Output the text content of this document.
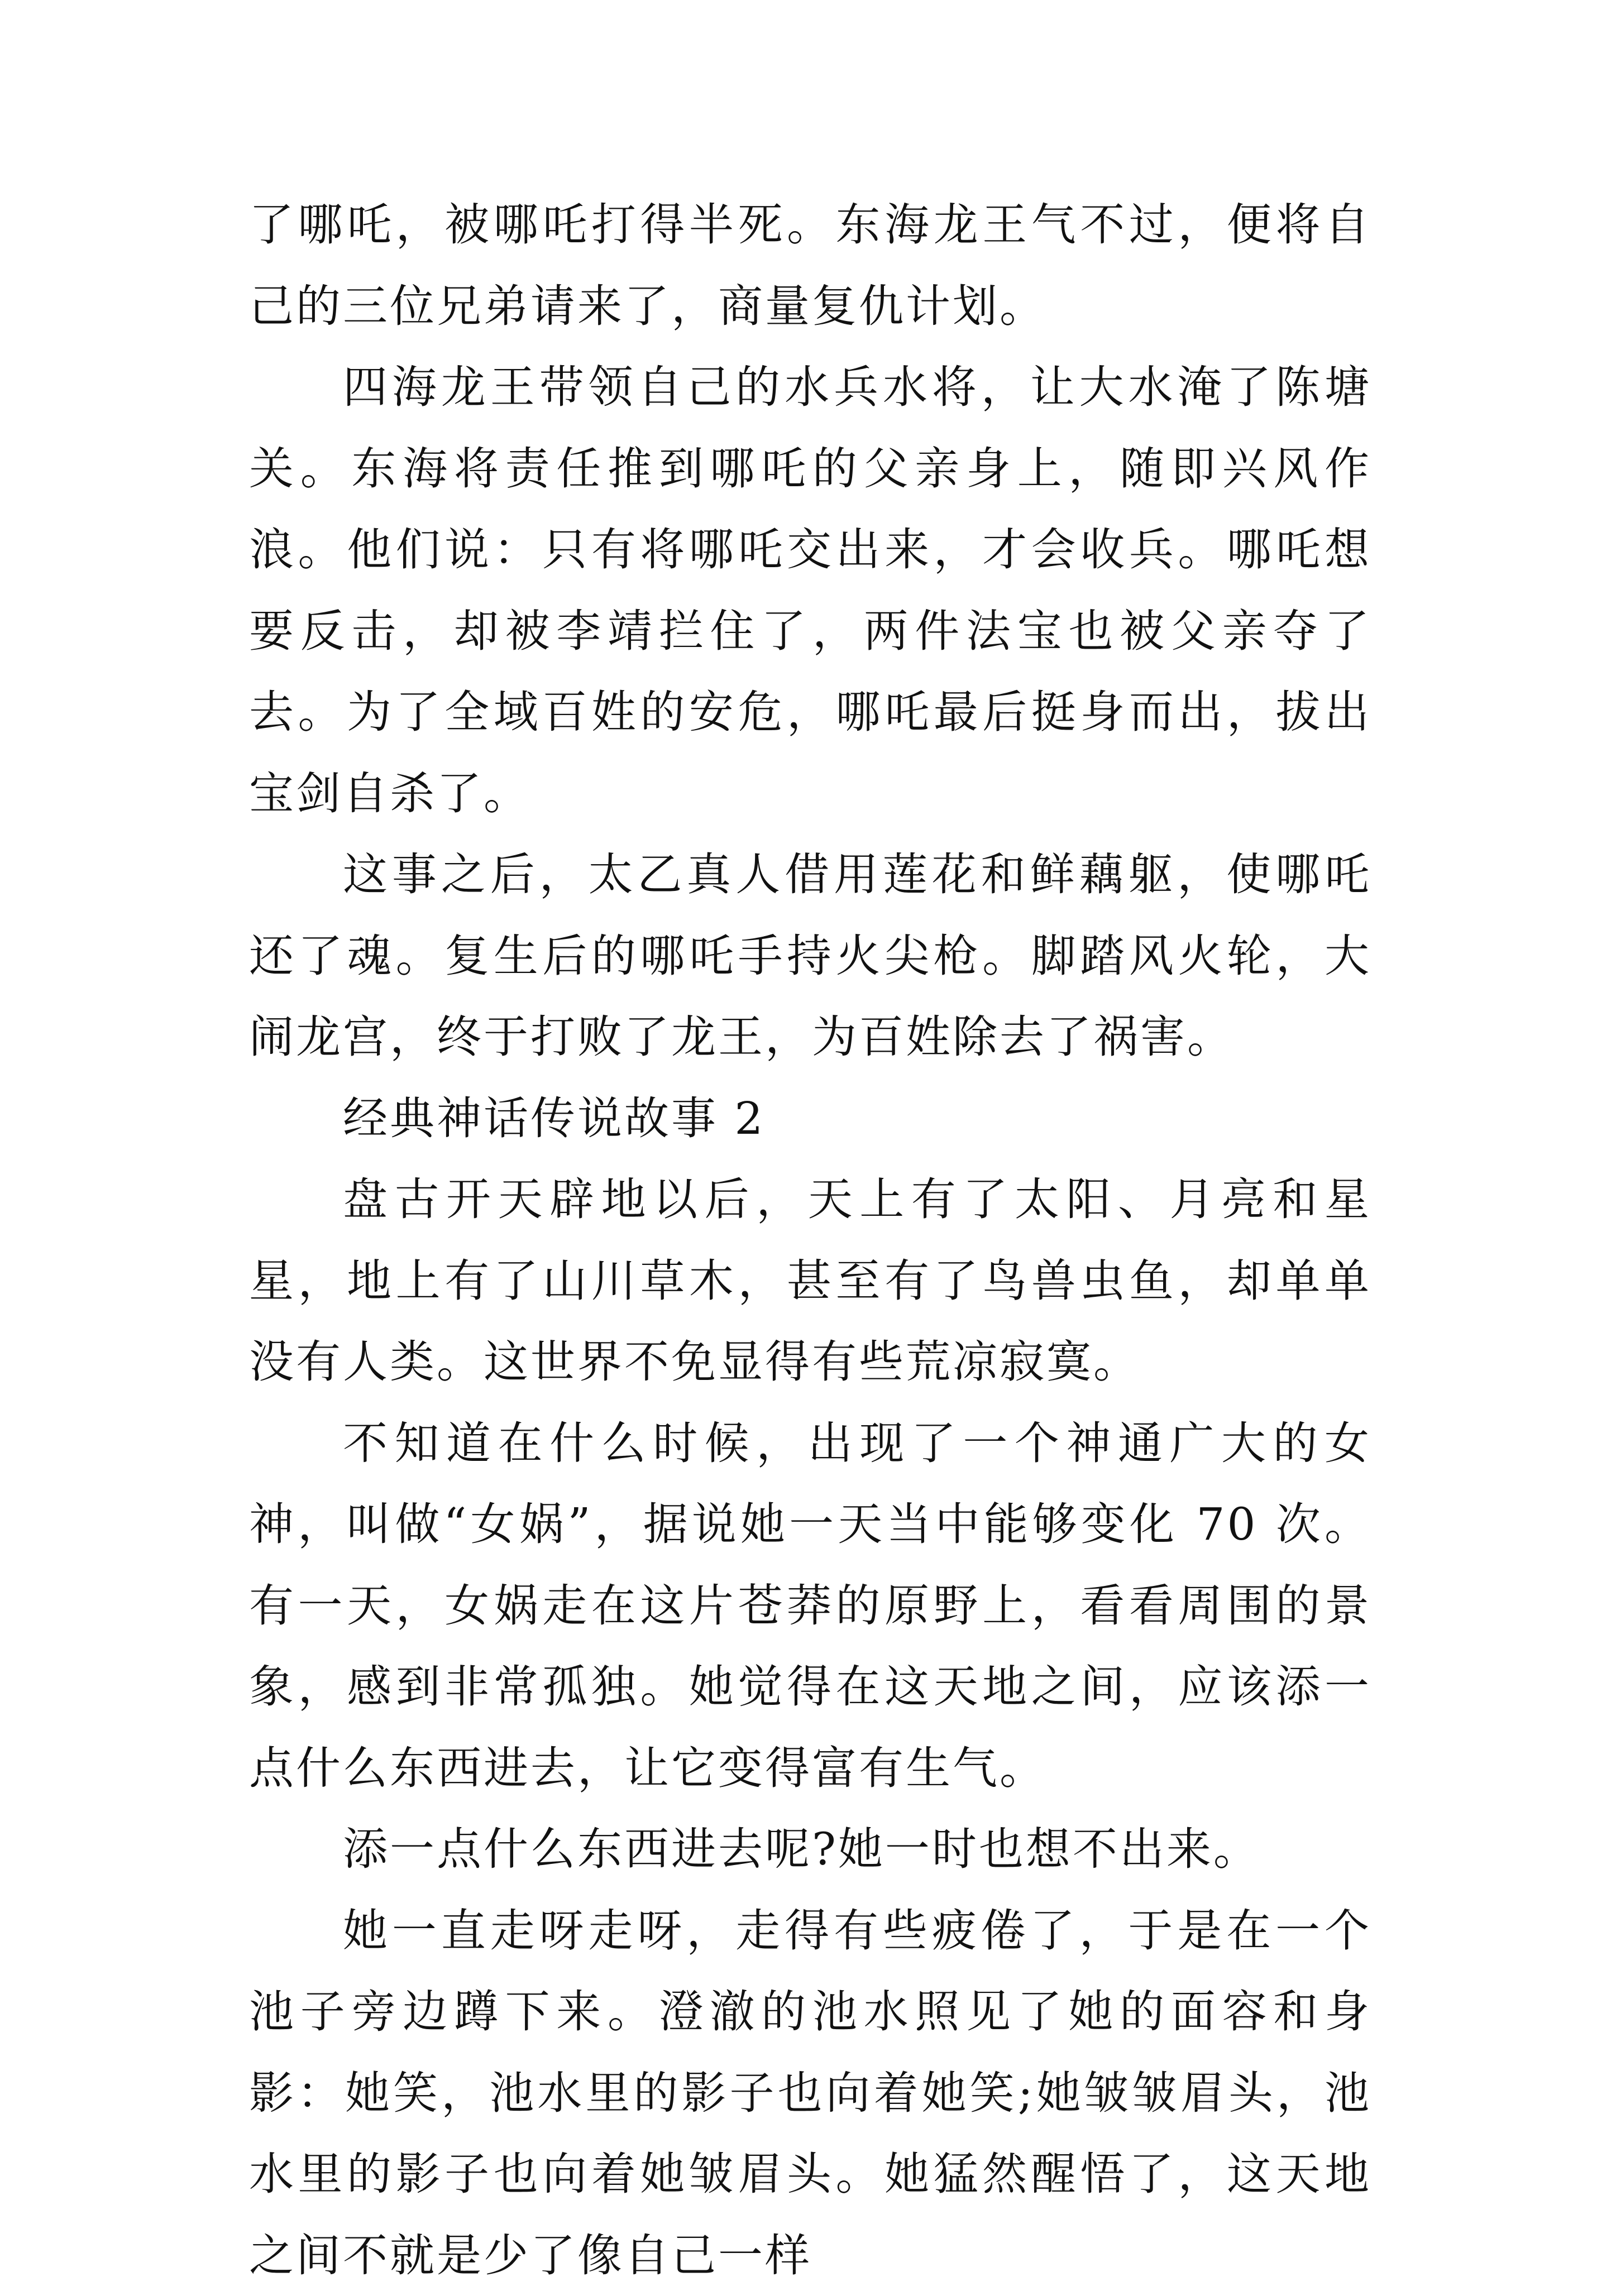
了哪吒，被哪吒打得半死。东海龙王气不过，便将自己的三位兄弟请来了，商量复仇计划。

四海龙王带领自己的水兵水将，让大水淹了陈塘关。东海将责任推到哪吒的父亲身上，随即兴风作浪。他们说：只有将哪吒交出来，才会收兵。哪吒想要反击，却被李靖拦住了，两件法宝也被父亲夺了去。为了全域百姓的安危，哪吒最后挺身而出，拔出宝剑自杀了。

这事之后，太乙真人借用莲花和鲜藕躯，使哪吒还了魂。复生后的哪吒手持火尖枪。脚踏风火轮，大闹龙宫，终于打败了龙王，为百姓除去了祸害。

经典神话传说故事 2

盘古开天辟地以后，天上有了太阳、月亮和星星，地上有了山川草木，甚至有了鸟兽虫鱼，却单单没有人类。这世界不免显得有些荒凉寂寞。

不知道在什么时候，出现了一个神通广大的女神，叫做“女娲”，据说她一天当中能够变化 70 次。有一天，女娲走在这片苍莽的原野上，看看周围的景象，感到非常孤独。她觉得在这天地之间，应该添一点什么东西进去，让它变得富有生气。

添一点什么东西进去呢?她一时也想不出来。

她一直走呀走呀，走得有些疲倦了，于是在一个池子旁边蹲下来。澄澈的池水照见了她的面容和身影：她笑，池水里的影子也向着她笑;她皱皱眉头，池水里的影子也向着她皱眉头。她猛然醒悟了，这天地之间不就是少了像自己一样
